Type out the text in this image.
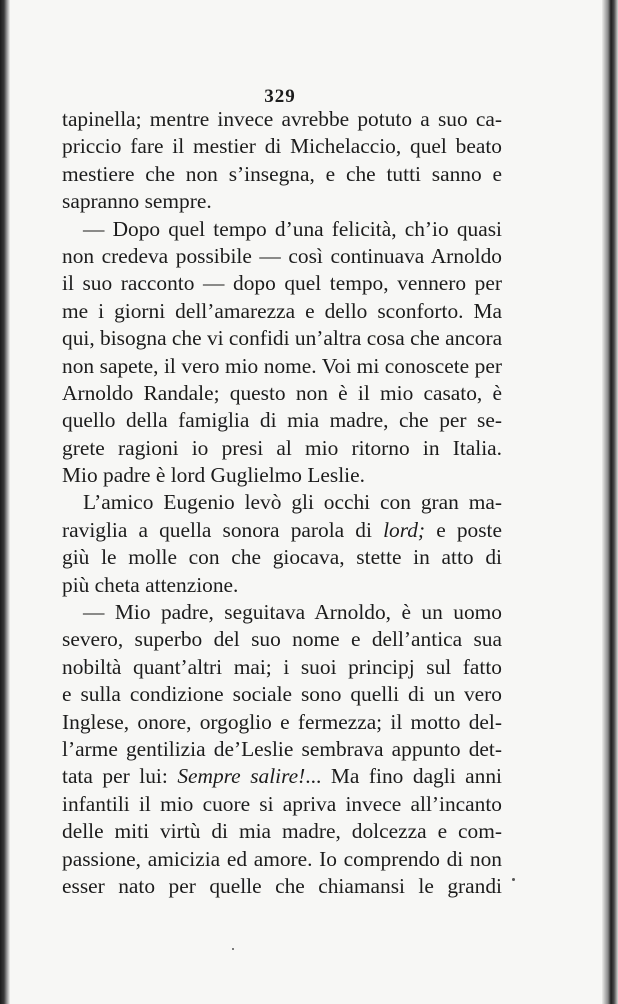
329
tapinella; mentre invece avrebbe potuto a suo ca-
priccio fare il mestier di Michelaccio, quel beato
mestiere che non s’insegna, e che tutti sanno e
sapranno sempre.
— Dopo quel tempo d’una felicità, ch’io quasi
non credeva possibile — così continuava Arnoldo
il suo racconto — dopo quel tempo, vennero per
me i giorni dell’amarezza e dello sconforto. Ma
qui, bisogna che vi confidi un’altra cosa che ancora
non sapete, il vero mio nome. Voi mi conoscete per
Arnoldo Randale; questo non è il mio casato, è
quello della famiglia di mia madre, che per se-
grete ragioni io presi al mio ritorno in Italia.
Mio padre è lord Guglielmo Leslie.
L’amico Eugenio levò gli occhi con gran ma-
raviglia a quella sonora parola di lord; e poste
giù le molle con che giocava, stette in atto di
più cheta attenzione.
— Mio padre, seguitava Arnoldo, è un uomo
severo, superbo del suo nome e dell’antica sua
nobiltà quant’altri mai; i suoi principj sul fatto
e sulla condizione sociale sono quelli di un vero
Inglese, onore, orgoglio e fermezza; il motto del-
l’arme gentilizia de’Leslie sembrava appunto det-
tata per lui: Sempre salire!... Ma fino dagli anni
infantili il mio cuore si apriva invece all’incanto
delle miti virtù di mia madre, dolcezza e com-
passione, amicizia ed amore. Io comprendo di non
esser nato per quelle che chiamansi le grandi
